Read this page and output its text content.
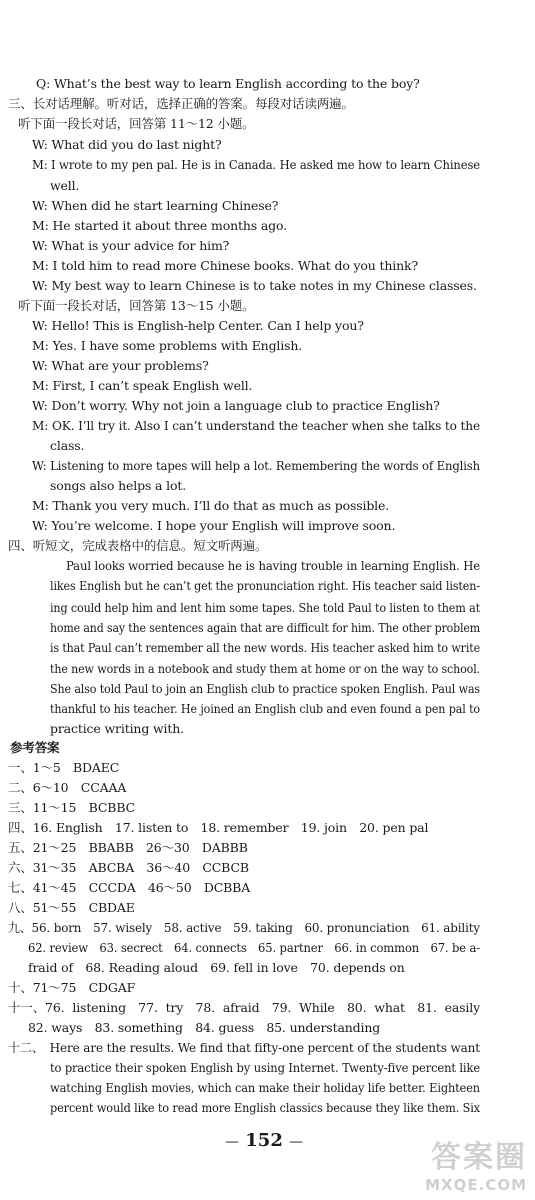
Q: What’s the best way to learn English according to the boy?
三、长对话理解。听对话，选择正确的答案。每段对话读两遍。
听下面一段长对话，回答第 11～12 小题。
W: What did you do last night?
M: I wrote to my pen pal. He is in Canada. He asked me how to learn Chinese
well.
W: When did he start learning Chinese?
M: He started it about three months ago.
W: What is your advice for him?
M: I told him to read more Chinese books. What do you think?
W: My best way to learn Chinese is to take notes in my Chinese classes.
听下面一段长对话，回答第 13～15 小题。
W: Hello! This is English-help Center. Can I help you?
M: Yes. I have some problems with English.
W: What are your problems?
M: First, I can’t speak English well.
W: Don’t worry. Why not join a language club to practice English?
M: OK. I’ll try it. Also I can’t understand the teacher when she talks to the
class.
W: Listening to more tapes will help a lot. Remembering the words of English
songs also helps a lot.
M: Thank you very much. I’ll do that as much as possible.
W: You’re welcome. I hope your English will improve soon.
四、听短文，完成表格中的信息。短文听两遍。
Paul looks worried because he is having trouble in learning English. He
likes English but he can’t get the pronunciation right. His teacher said listen-
ing could help him and lent him some tapes. She told Paul to listen to them at
home and say the sentences again that are difficult for him. The other problem
is that Paul can’t remember all the new words. His teacher asked him to write
the new words in a notebook and study them at home or on the way to school.
She also told Paul to join an English club to practice spoken English. Paul was
thankful to his teacher. He joined an English club and even found a pen pal to
practice writing with.
参考答案
一、1～5　BDAEC
二、6～10　CCAAA
三、11～15　BCBBC
四、16. English　17. listen to　18. remember　19. join　20. pen pal
五、21～25　BBABB　26～30　DABBB
六、31～35　ABCBA　36～40　CCBCB
七、41～45　CCCDA　46～50　DCBBA
八、51～55　CBDAE
九、56. born　57. wisely　58. active　59. taking　60. pronunciation　61. ability
62. review　63. secrect　64. connects　65. partner　66. in common　67. be a-
fraid of　68. Reading aloud　69. fell in love　70. depends on
十、71～75　CDGAF
十一、76. listening　77. try　78. afraid　79. While　80. what　81. easily
82. ways　83. something　84. guess　85. understanding
十二、　Here are the results. We find that fifty-one percent of the students want
to practice their spoken English by using Internet. Twenty-five percent like
watching English movies, which can make their holiday life better. Eighteen
percent would like to read more English classics because they like them. Six
— 152 —	答案圈
MXQE.COM
